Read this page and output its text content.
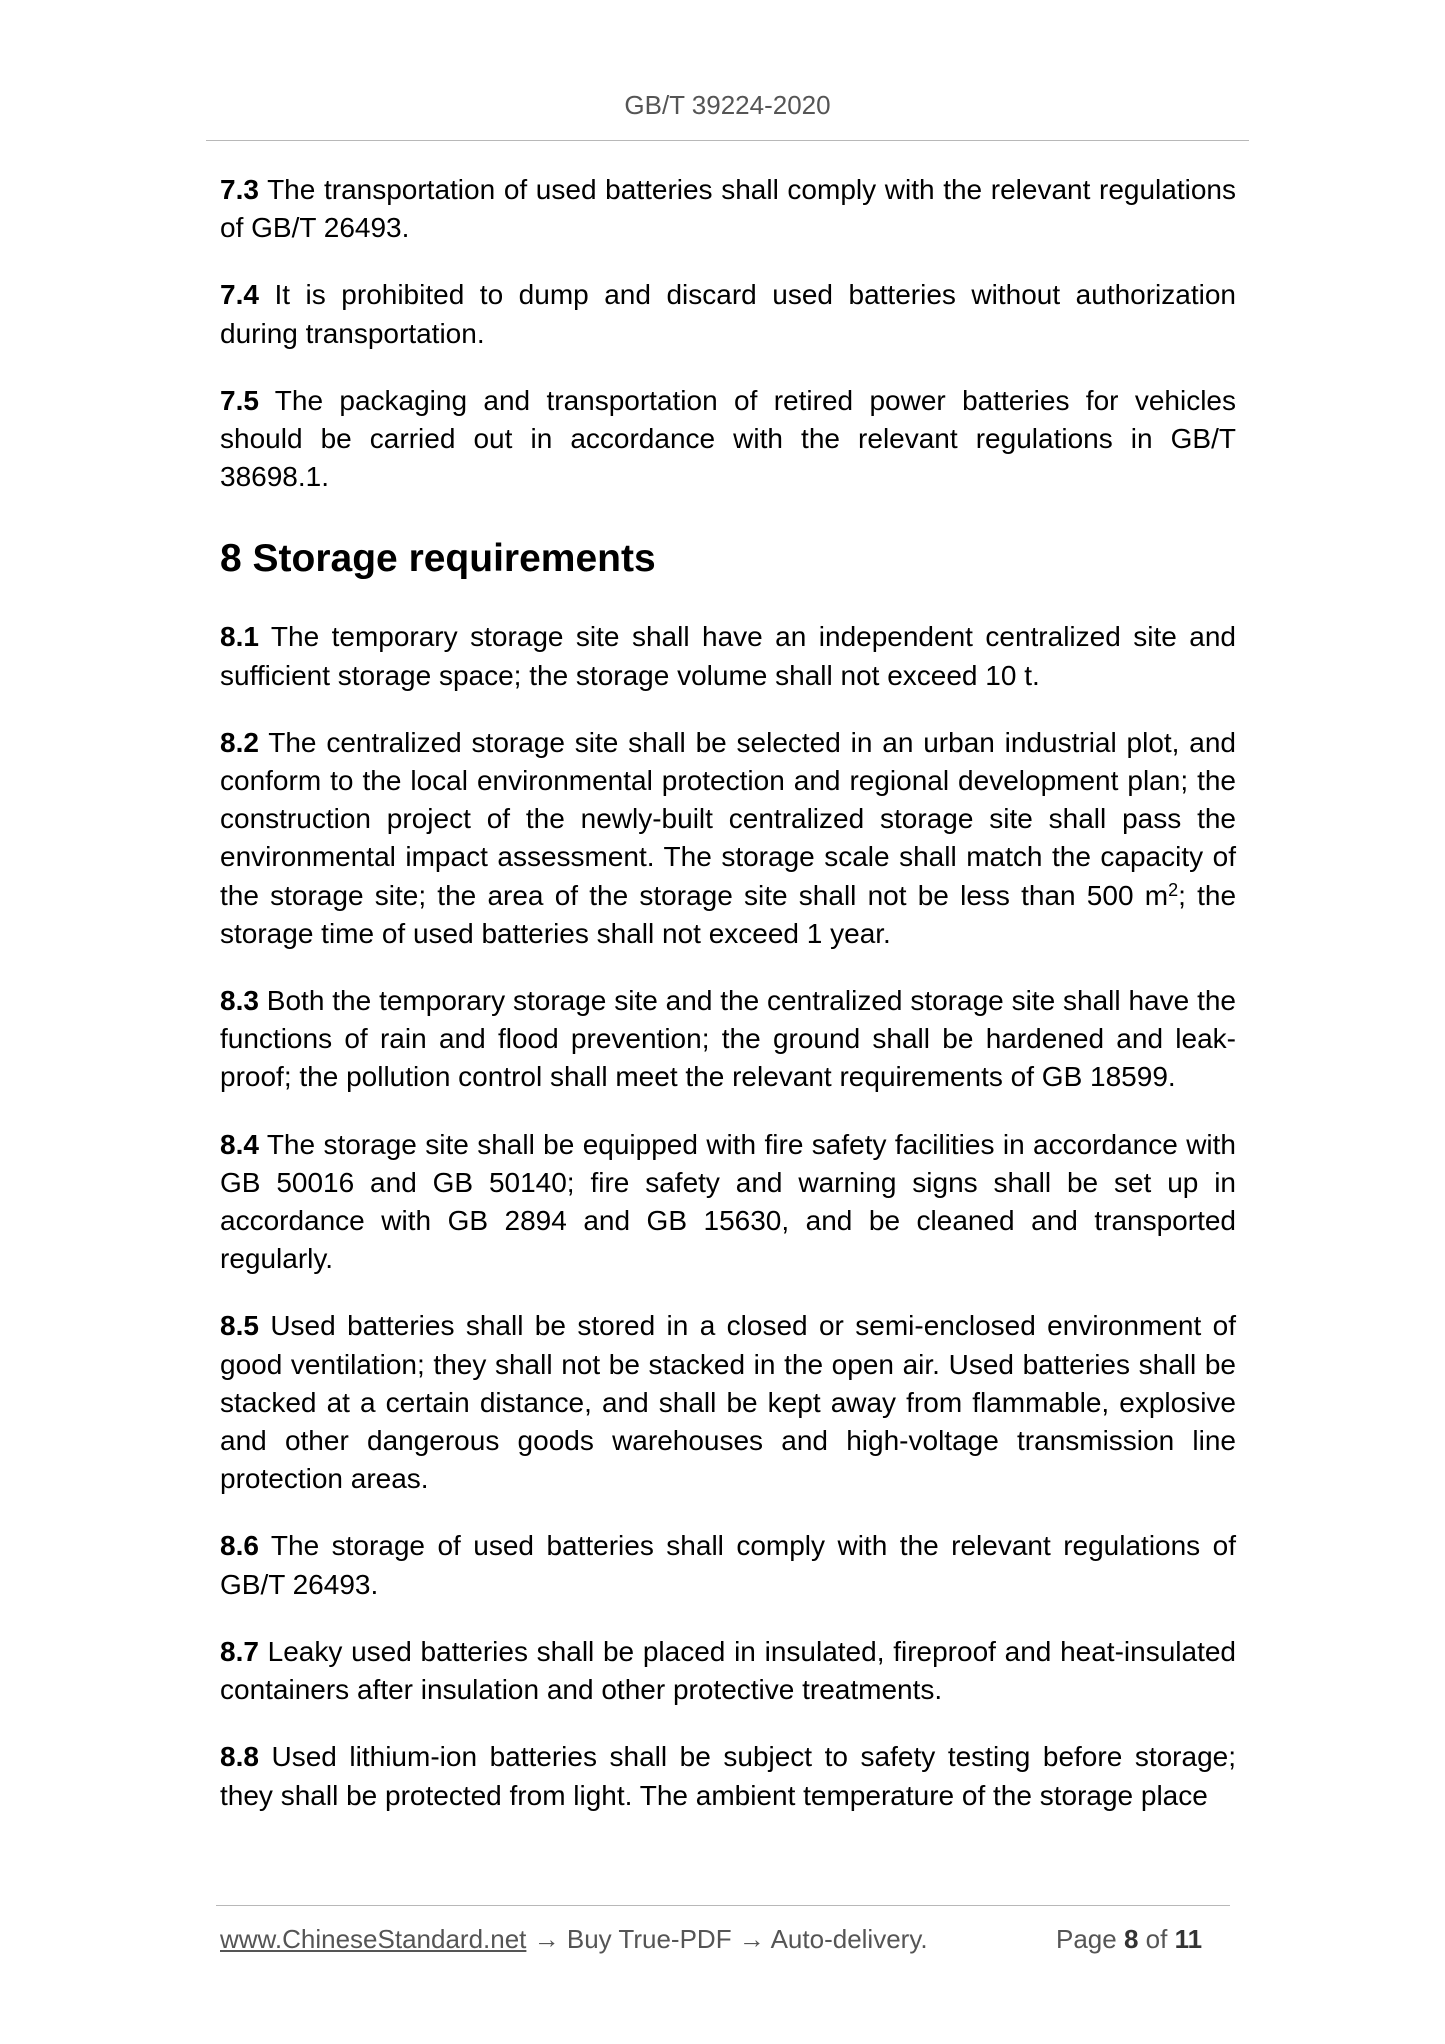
GB/T 39224-2020

7.3 The transportation of used batteries shall comply with the relevant regulations of GB/T 26493.

7.4 It is prohibited to dump and discard used batteries without authorization during transportation.

7.5 The packaging and transportation of retired power batteries for vehicles should be carried out in accordance with the relevant regulations in GB/T 38698.1.

8 Storage requirements

8.1 The temporary storage site shall have an independent centralized site and sufficient storage space; the storage volume shall not exceed 10 t.

8.2 The centralized storage site shall be selected in an urban industrial plot, and conform to the local environmental protection and regional development plan; the construction project of the newly-built centralized storage site shall pass the environmental impact assessment. The storage scale shall match the capacity of the storage site; the area of the storage site shall not be less than 500 $m^2$; the storage time of used batteries shall not exceed 1 year.

8.3 Both the temporary storage site and the centralized storage site shall have the functions of rain and flood prevention; the ground shall be hardened and leak-proof; the pollution control shall meet the relevant requirements of GB 18599.

8.4 The storage site shall be equipped with fire safety facilities in accordance with GB 50016 and GB 50140; fire safety and warning signs shall be set up in accordance with GB 2894 and GB 15630, and be cleaned and transported regularly.

8.5 Used batteries shall be stored in a closed or semi-enclosed environment of good ventilation; they shall not be stacked in the open air. Used batteries shall be stacked at a certain distance, and shall be kept away from flammable, explosive and other dangerous goods warehouses and high-voltage transmission line protection areas.

8.6 The storage of used batteries shall comply with the relevant regulations of GB/T 26493.

8.7 Leaky used batteries shall be placed in insulated, fireproof and heat-insulated containers after insulation and other protective treatments.

8.8 Used lithium-ion batteries shall be subject to safety testing before storage; they shall be protected from light. The ambient temperature of the storage place

www.ChineseStandard.net → Buy True-PDF → Auto-delivery.	Page 8 of 11
